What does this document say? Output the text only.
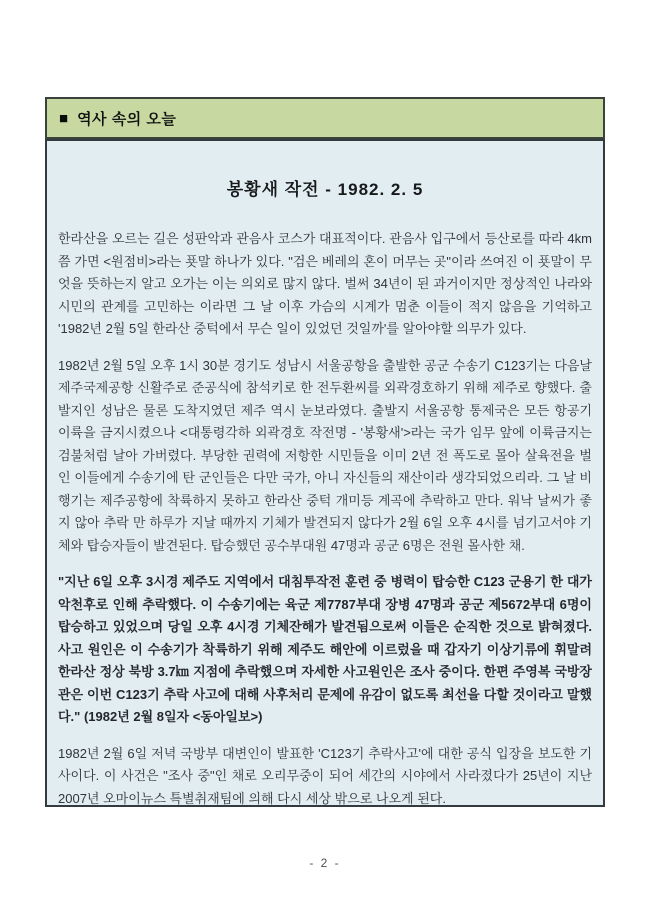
■ 역사 속의 오늘
봉황새 작전 - 1982. 2. 5

한라산을 오르는 길은 성판악과 관음사 코스가 대표적이다. 관음사 입구에서 등산로를 따라 4km쯤 가면 <원점비>라는 푯말 하나가 있다. "검은 베레의 혼이 머무는 곳"이라 쓰여진 이 푯말이 무엇을 뜻하는지 알고 오가는 이는 의외로 많지 않다. 벌써 34년이 된 과거이지만 정상적인 나라와 시민의 관계를 고민하는 이라면 그 날 이후 가슴의 시계가 멈춘 이들이 적지 않음을 기억하고 '1982년 2월 5일 한라산 중턱에서 무슨 일이 있었던 것일까'를 알아야할 의무가 있다.

1982년 2월 5일 오후 1시 30분 경기도 성남시 서울공항을 출발한 공군 수송기 C123기는 다음날 제주국제공항 신활주로 준공식에 참석키로 한 전두환씨를 외곽경호하기 위해 제주로 향했다. 출발지인 성남은 물론 도착지였던 제주 역시 눈보라였다. 출발지 서울공항 통제국은 모든 항공기 이륙을 금지시켰으나 <대통령각하 외곽경호 작전명 - '봉황새'>라는 국가 임무 앞에 이륙금지는 검불처럼 날아 가버렸다. 부당한 권력에 저항한 시민들을 이미 2년 전 폭도로 몰아 살육전을 벌인 이들에게 수송기에 탄 군인들은 다만 국가, 아니 자신들의 재산이라 생각되었으리라. 그 날 비행기는 제주공항에 착륙하지 못하고 한라산 중턱 개미등 계곡에 추락하고 만다. 워낙 날씨가 좋지 않아 추락 만 하루가 지날 때까지 기체가 발견되지 않다가 2월 6일 오후 4시를 넘기고서야 기체와 탑승자들이 발견된다. 탑승했던 공수부대원 47명과 공군 6명은 전원 몰사한 채.

"지난 6일 오후 3시경 제주도 지역에서 대침투작전 훈련 중 병력이 탑승한 C123 군용기 한 대가 악천후로 인해 추락했다. 이 수송기에는 육군 제7787부대 장병 47명과 공군 제5672부대 6명이 탑승하고 있었으며 당일 오후 4시경 기체잔해가 발견됨으로써 이들은 순직한 것으로 밝혀졌다. 사고 원인은 이 수송기가 착륙하기 위해 제주도 해안에 이르렀을 때 갑자기 이상기류에 휘말려 한라산 정상 북방 3.7㎞ 지점에 추락했으며 자세한 사고원인은 조사 중이다. 한편 주영복 국방장관은 이번 C123기 추락 사고에 대해 사후처리 문제에 유감이 없도록 최선을 다할 것이라고 말했다." (1982년 2월 8일자 <동아일보>)

1982년 2월 6일 저녁 국방부 대변인이 발표한 'C123기 추락사고'에 대한 공식 입장을 보도한 기사이다. 이 사건은 "조사 중"인 채로 오리무중이 되어 세간의 시야에서 사라졌다가 25년이 지난 2007년 오마이뉴스 특별취재팀에 의해 다시 세상 밖으로 나오게 된다.

- 2 -
